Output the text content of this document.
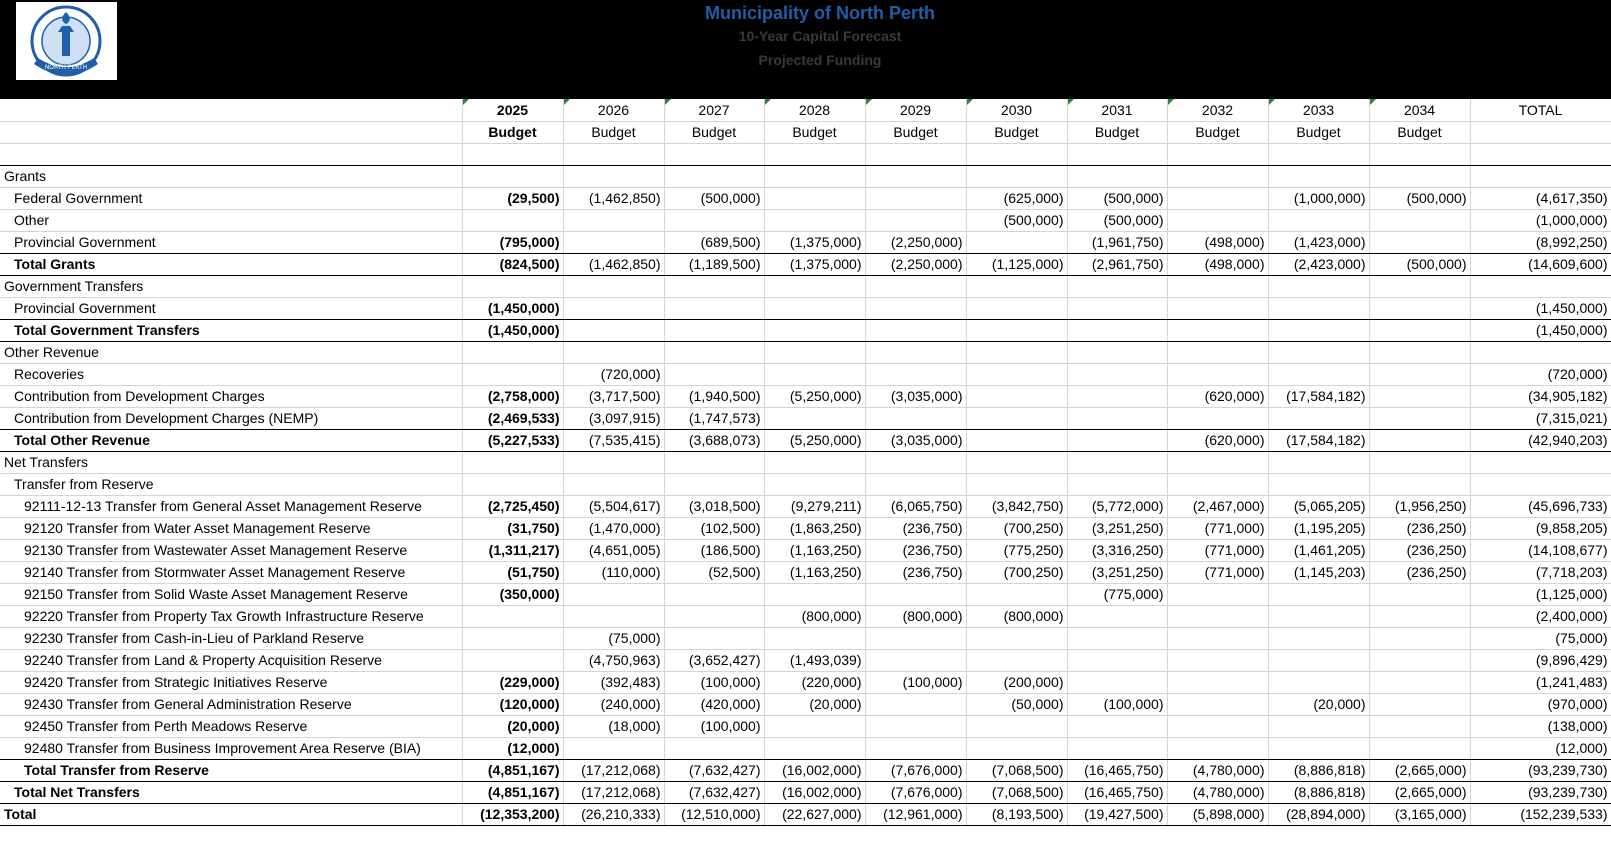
NORTH PERTH
Municipality of North Perth
10-Year Capital Forecast
Projected Funding
	2025	2026	2027	2028	2029	2030	2031	2032	2033	2034	TOTAL
	Budget	Budget	Budget	Budget	Budget	Budget	Budget	Budget	Budget	Budget	

Grants											
Federal Government	(29,500)	(1,462,850)	(500,000)			(625,000)	(500,000)		(1,000,000)	(500,000)	(4,617,350)
Other						(500,000)	(500,000)				(1,000,000)
Provincial Government	(795,000)		(689,500)	(1,375,000)	(2,250,000)		(1,961,750)	(498,000)	(1,423,000)		(8,992,250)
Total Grants	(824,500)	(1,462,850)	(1,189,500)	(1,375,000)	(2,250,000)	(1,125,000)	(2,961,750)	(498,000)	(2,423,000)	(500,000)	(14,609,600)
Government Transfers											
Provincial Government	(1,450,000)										(1,450,000)
Total Government Transfers	(1,450,000)										(1,450,000)
Other Revenue											
Recoveries		(720,000)									(720,000)
Contribution from Development Charges	(2,758,000)	(3,717,500)	(1,940,500)	(5,250,000)	(3,035,000)			(620,000)	(17,584,182)		(34,905,182)
Contribution from Development Charges (NEMP)	(2,469,533)	(3,097,915)	(1,747,573)								(7,315,021)
Total Other Revenue	(5,227,533)	(7,535,415)	(3,688,073)	(5,250,000)	(3,035,000)			(620,000)	(17,584,182)		(42,940,203)
Net Transfers											
Transfer from Reserve											
92111-12-13 Transfer from General Asset Management Reserve	(2,725,450)	(5,504,617)	(3,018,500)	(9,279,211)	(6,065,750)	(3,842,750)	(5,772,000)	(2,467,000)	(5,065,205)	(1,956,250)	(45,696,733)
92120 Transfer from Water Asset Management Reserve	(31,750)	(1,470,000)	(102,500)	(1,863,250)	(236,750)	(700,250)	(3,251,250)	(771,000)	(1,195,205)	(236,250)	(9,858,205)
92130 Transfer from Wastewater Asset Management Reserve	(1,311,217)	(4,651,005)	(186,500)	(1,163,250)	(236,750)	(775,250)	(3,316,250)	(771,000)	(1,461,205)	(236,250)	(14,108,677)
92140 Transfer from Stormwater Asset Management Reserve	(51,750)	(110,000)	(52,500)	(1,163,250)	(236,750)	(700,250)	(3,251,250)	(771,000)	(1,145,203)	(236,250)	(7,718,203)
92150 Transfer from Solid Waste Asset Management Reserve	(350,000)						(775,000)				(1,125,000)
92220 Transfer from Property Tax Growth Infrastructure Reserve				(800,000)	(800,000)	(800,000)					(2,400,000)
92230 Transfer from Cash-in-Lieu of Parkland Reserve		(75,000)									(75,000)
92240 Transfer from Land & Property Acquisition Reserve		(4,750,963)	(3,652,427)	(1,493,039)							(9,896,429)
92420 Transfer from Strategic Initiatives Reserve	(229,000)	(392,483)	(100,000)	(220,000)	(100,000)	(200,000)					(1,241,483)
92430 Transfer from General Administration Reserve	(120,000)	(240,000)	(420,000)	(20,000)		(50,000)	(100,000)		(20,000)		(970,000)
92450 Transfer from Perth Meadows Reserve	(20,000)	(18,000)	(100,000)								(138,000)
92480 Transfer from Business Improvement Area Reserve (BIA)	(12,000)										(12,000)
Total Transfer from Reserve	(4,851,167)	(17,212,068)	(7,632,427)	(16,002,000)	(7,676,000)	(7,068,500)	(16,465,750)	(4,780,000)	(8,886,818)	(2,665,000)	(93,239,730)
Total Net Transfers	(4,851,167)	(17,212,068)	(7,632,427)	(16,002,000)	(7,676,000)	(7,068,500)	(16,465,750)	(4,780,000)	(8,886,818)	(2,665,000)	(93,239,730)
Total	(12,353,200)	(26,210,333)	(12,510,000)	(22,627,000)	(12,961,000)	(8,193,500)	(19,427,500)	(5,898,000)	(28,894,000)	(3,165,000)	(152,239,533)
